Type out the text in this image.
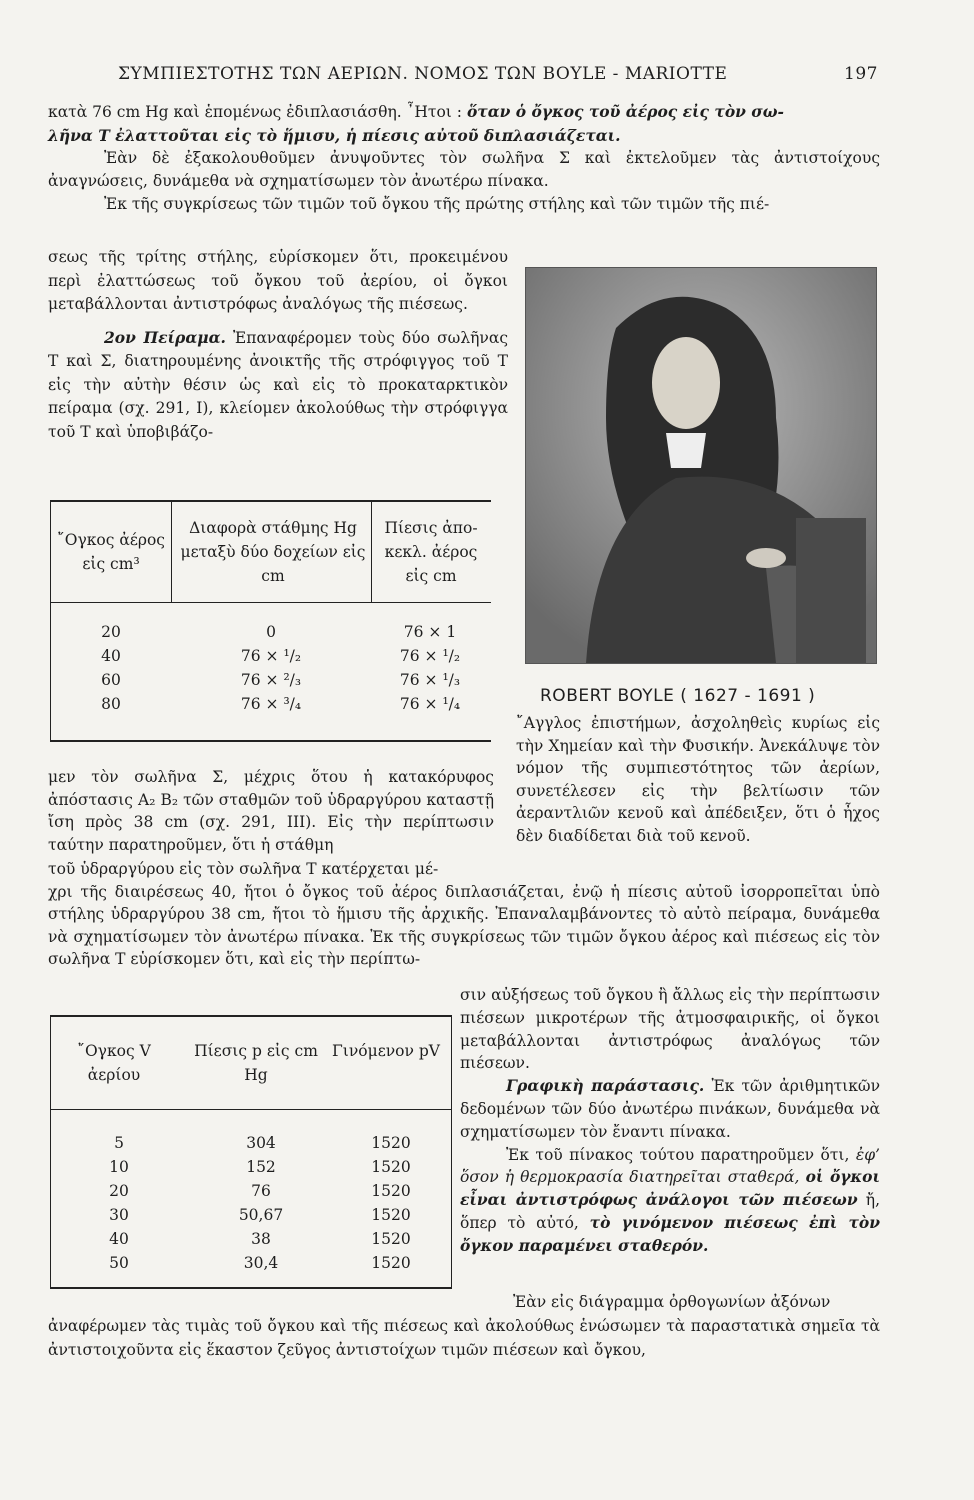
ΣΥΜΠΙΕΣΤΟΤΗΣ ΤΩΝ ΑΕΡΙΩΝ. ΝΟΜΟΣ ΤΩΝ BOYLE - MARIOTTE	197

κατὰ 76 cm Hg καὶ ἑπομένως ἐδιπλασιάσθη. ῏Ητοι : ὅταν ὁ ὄγκος τοῦ ἀέρος εἰς τὸν σω-

λῆνα Τ ἐλαττοῦται εἰς τὸ ἥμισυ, ἡ πίεσις αὐτοῦ διπλασιάζεται.

Ἐὰν δὲ ἐξακολουθοῦμεν ἀνυψοῦντες τὸν σωλῆνα Σ καὶ ἐκτελοῦμεν τὰς ἀντιστοίχους ἀναγνώσεις, δυνάμεθα νὰ σχηματίσωμεν τὸν ἀνωτέρω πίνακα.

Ἐκ τῆς συγκρίσεως τῶν τιμῶν τοῦ ὄγκου τῆς πρώτης στήλης καὶ τῶν τιμῶν τῆς πιέ-

σεως τῆς τρίτης στήλης, εὑρίσκομεν ὅτι, προκειμένου περὶ ἐλαττώσεως τοῦ ὄγκου τοῦ ἀερίου, οἱ ὄγκοι μεταβάλλονται ἀντιστρόφως ἀναλόγως τῆς πιέσεως.

2ον Πείραμα. Ἐπαναφέρομεν τοὺς δύο σωλῆνας Τ καὶ Σ, διατηρουμένης ἀνοικτῆς τῆς στρόφιγγος τοῦ Τ εἰς τὴν αὐτὴν θέσιν ὡς καὶ εἰς τὸ προκαταρκτικὸν πείραμα (σχ. 291, I), κλείομεν ἀκολούθως τὴν στρόφιγγα τοῦ Τ καὶ ὑποβιβάζο-

῎Ογκος ἀέρος εἰς cm³
Διαφορὰ στάθμης Hg μεταξὺ δύο δοχείων εἰς cm
Πίεσις ἀπο- κεκλ. ἀέρος εἰς cm
20	0	76 × 1
40	76 × ¹/₂	76 × ¹/₂
60	76 × ²/₃	76 × ¹/₃
80	76 × ³/₄	76 × ¹/₄	ROBERT BOYLE ( 1627 - 1691 )
῎Αγγλος ἐπιστήμων, ἀσχοληθεὶς κυρίως εἰς τὴν Χημείαν καὶ τὴν Φυσικήν. Ἀνεκάλυψε τὸν νόμον τῆς συμπιεστότητος τῶν ἀερίων, συνετέλεσεν εἰς τὴν βελτίωσιν τῶν ἀεραντλιῶν κενοῦ καὶ ἀπέδειξεν, ὅτι ὁ ἦχος δὲν διαδίδεται διὰ τοῦ κενοῦ.
μεν τὸν σωλῆνα Σ, μέχρις ὅτου ἡ κατακόρυφος ἀπόστασις Α₂ Β₂ τῶν σταθμῶν τοῦ ὑδραργύρου καταστῇ ἴση πρὸς 38 cm (σχ. 291, III). Εἰς τὴν περίπτωσιν ταύτην παρατηροῦμεν, ὅτι ἡ στάθμη
τοῦ ὑδραργύρου εἰς τὸν σωλῆνα Τ κατέρχεται μέ-
χρι τῆς διαιρέσεως 40, ἤτοι ὁ ὄγκος τοῦ ἀέρος διπλασιάζεται, ἐνῷ ἡ πίεσις αὐτοῦ ἰσορροπεῖται ὑπὸ στήλης ὑδραργύρου 38 cm, ἤτοι τὸ ἥμισυ τῆς ἀρχικῆς. Ἐπαναλαμβάνοντες τὸ αὐτὸ πείραμα, δυνάμεθα νὰ σχηματίσωμεν τὸν ἀνωτέρω πίνακα. Ἐκ τῆς συγκρίσεως τῶν τιμῶν ὄγκου ἀέρος καὶ πιέσεως εἰς τὸν σωλῆνα Τ εὑρίσκομεν ὅτι, καὶ εἰς τὴν περίπτω-
῎Ογκος V ἀερίου
Πίεσις p εἰς cm Hg
Γινόμενον pV
5	304	1520
10	152	1520
20	76	1520
30	50,67	1520
40	38	1520
50	30,4	1520
σιν αὐξήσεως τοῦ ὄγκου ἢ ἄλλως εἰς τὴν περίπτωσιν πιέσεων μικροτέρων τῆς ἀτμοσφαιρικῆς, οἱ ὄγκοι μεταβάλλονται ἀντιστρόφως ἀναλόγως τῶν πιέσεων.
Γραφικὴ παράστασις. Ἐκ τῶν ἀριθμητικῶν δεδομένων τῶν δύο ἀνωτέρω πινάκων, δυνάμεθα νὰ σχηματίσωμεν τὸν ἔναντι πίνακα.
Ἐκ τοῦ πίνακος τούτου παρατηροῦμεν ὅτι, ἐφ’ ὅσον ἡ θερμοκρασία διατηρεῖται σταθερά, οἱ ὄγκοι εἶναι ἀντιστρόφως ἀνάλογοι τῶν πιέσεων ἤ, ὅπερ τὸ αὐτό, τὸ γινόμενον πιέσεως ἐπὶ τὸν ὄγκον παραμένει σταθερόν.
Ἐὰν εἰς διάγραμμα ὀρθογωνίων ἀξόνων
ἀναφέρωμεν τὰς τιμὰς τοῦ ὄγκου καὶ τῆς πιέσεως καὶ ἀκολούθως ἑνώσωμεν τὰ παραστατικὰ σημεῖα τὰ ἀντιστοιχοῦντα εἰς ἕκαστον ζεῦγος ἀντιστοίχων τιμῶν πιέσεων καὶ ὄγκου,
